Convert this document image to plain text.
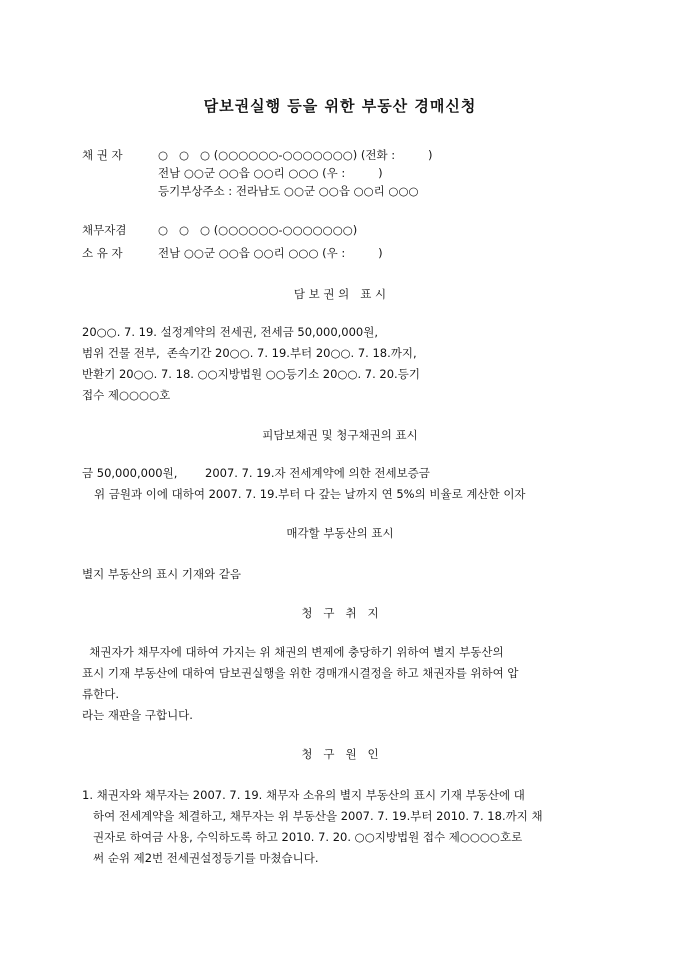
담보권실행 등을 위한 부동산 경매신청
채 권 자	○   ○   ○ (○○○○○○-○○○○○○○) (전화 :         )
전남 ○○군 ○○읍 ○○리 ○○○ (우 :         )
등기부상주소 : 전라남도 ○○군 ○○읍 ○○리 ○○○
채무자겸	○   ○   ○ (○○○○○○-○○○○○○○)
소 유 자	전남 ○○군 ○○읍 ○○리 ○○○ (우 :         )
담 보 권 의   표 시
20○○. 7. 19. 설정계약의 전세권, 전세금 50,000,000원,
범위 건물 전부,  존속기간 20○○. 7. 19.부터 20○○. 7. 18.까지,
반환기 20○○. 7. 18. ○○지방법원 ○○등기소 20○○. 7. 20.등기
접수 제○○○○호
피담보채권 및 청구채권의 표시
금 50,000,000원, 2007. 7. 19.자 전세계약에 의한 전세보증금
위 금원과 이에 대하여 2007. 7. 19.부터 다 갚는 날까지 연 5%의 비율로 계산한 이자
매각할 부동산의 표시
별지 부동산의 표시 기재와 같음
청   구   취   지
채권자가 채무자에 대하여 가지는 위 채권의 변제에 충당하기 위하여 별지 부동산의
표시 기재 부동산에 대하여 담보권실행을 위한 경매개시결정을 하고 채권자를 위하여 압
류한다.
라는 재판을 구합니다.
청   구   원   인
1. 채권자와 채무자는 2007. 7. 19. 채무자 소유의 별지 부동산의 표시 기재 부동산에 대
하여 전세계약을 체결하고, 채무자는 위 부동산을 2007. 7. 19.부터 2010. 7. 18.까지 채
권자로 하여금 사용, 수익하도록 하고 2010. 7. 20. ○○지방법원 접수 제○○○○호로
써 순위 제2번 전세권설정등기를 마쳤습니다.
